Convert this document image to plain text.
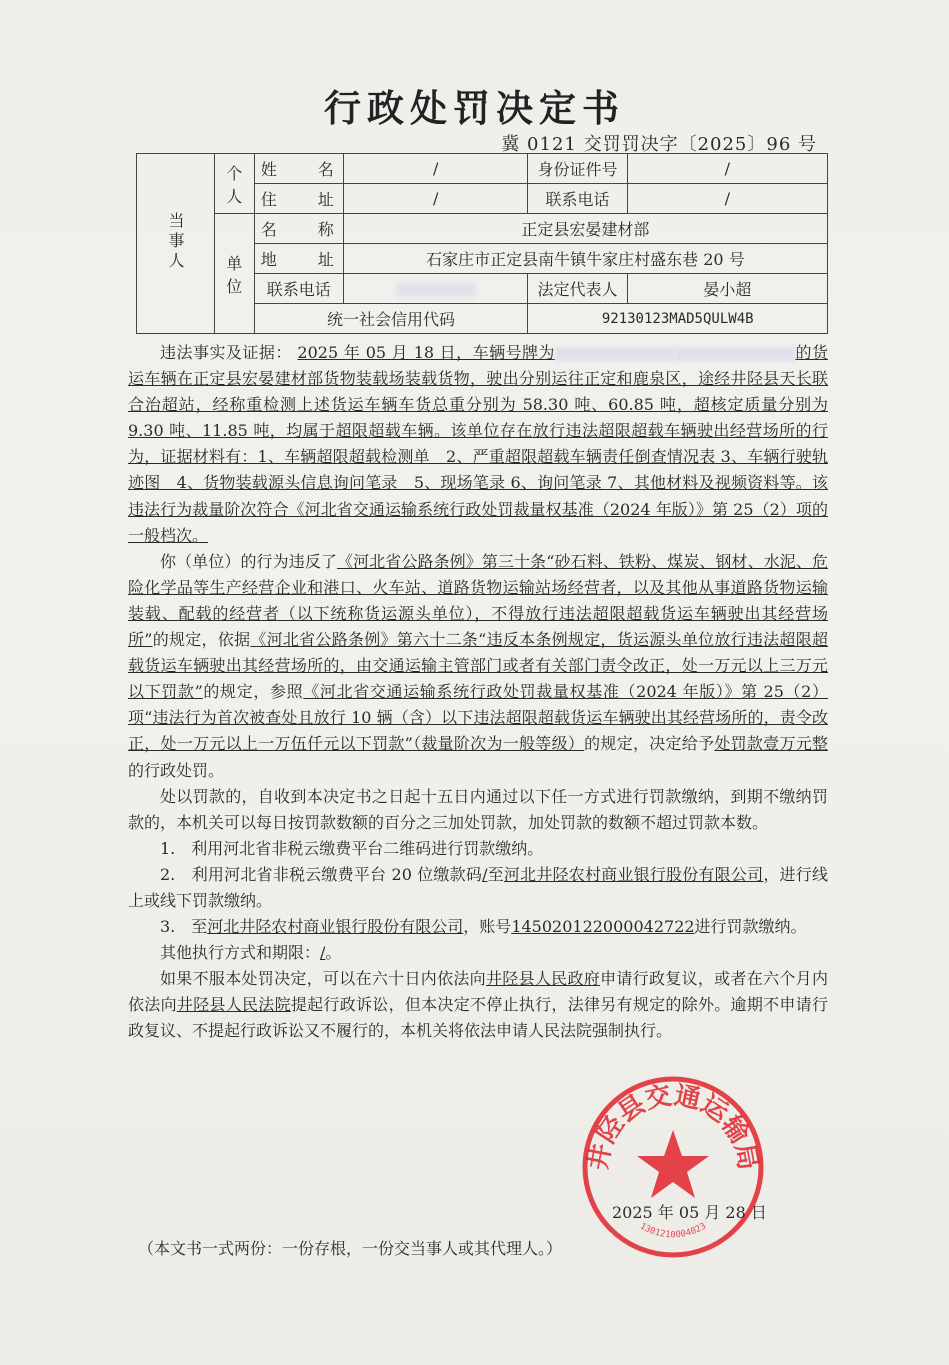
行政处罚决定书
冀 0121 交罚罚决字〔2025〕96 号
当事人	个人	姓　　名	/	身份证件号	/
		住　　址	/	联系电话	/
	单位	名　　称	正定县宏晏建材部		
		地　　址	石家庄市正定县南牛镇牛家庄村盛东巷 20 号		
		联系电话		法定代表人	晏小超
		统一社会信用代码		92130123MAD5QULW4B	

违法事实及证据： 2025 年 05 月 18 日，车辆号牌为	的货运车辆在正定县宏晏建材部货物装载场装载货物，驶出分别运往正定和鹿泉区，途经井陉县天长联合治超站，经称重检测上述货运车辆车货总重分别为 58.30 吨、60.85 吨，超核定质量分别为 9.30 吨、11.85 吨，均属于超限超载车辆。该单位存在放行违法超限超载车辆驶出经营场所的行为，证据材料有：1、车辆超限超载检测单　2、严重超限超载车辆责任倒查情况表 3、车辆行驶轨迹图　4、货物装载源头信息询问笔录　5、现场笔录 6、询问笔录 7、其他材料及视频资料等。该违法行为裁量阶次符合《河北省交通运输系统行政处罚裁量权基准（2024 年版）》第 25（2）项的一般档次。

你（单位）的行为违反了《河北省公路条例》第三十条“砂石料、铁粉、煤炭、钢材、水泥、危险化学品等生产经营企业和港口、火车站、道路货物运输站场经营者，以及其他从事道路货物运输装载、配载的经营者（以下统称货运源头单位），不得放行违法超限超载货运车辆驶出其经营场所”的规定，依据《河北省公路条例》第六十二条“违反本条例规定，货运源头单位放行违法超限超载货运车辆驶出其经营场所的，由交通运输主管部门或者有关部门责令改正，处一万元以上三万元以下罚款”的规定，参照《河北省交通运输系统行政处罚裁量权基准（2024 年版）》第 25（2）项“违法行为首次被查处且放行 10 辆（含）以下违法超限超载货运车辆驶出其经营场所的，责令改正，处一万元以上一万伍仟元以下罚款”（裁量阶次为一般等级）的规定，决定给予处罚款壹万元整的行政处罚。

处以罚款的，自收到本决定书之日起十五日内通过以下任一方式进行罚款缴纳，到期不缴纳罚款的，本机关可以每日按罚款数额的百分之三加处罚款，加处罚款的数额不超过罚款本数。

1.　利用河北省非税云缴费平台二维码进行罚款缴纳。

2.　利用河北省非税云缴费平台 20 位缴款码/至河北井陉农村商业银行股份有限公司，进行线上或线下罚款缴纳。

3.　至河北井陉农村商业银行股份有限公司，账号145020122000042722进行罚款缴纳。

其他执行方式和期限：/。

如果不服本处罚决定，可以在六十日内依法向井陉县人民政府申请行政复议，或者在六个月内依法向井陉县人民法院提起行政诉讼，但本决定不停止执行，法律另有规定的除外。逾期不申请行政复议、不提起行政诉讼又不履行的，本机关将依法申请人民法院强制执行。

井陉县交通运输局
1301210004023
2025 年 05 月 28 日
（本文书一式两份：一份存根，一份交当事人或其代理人。）
